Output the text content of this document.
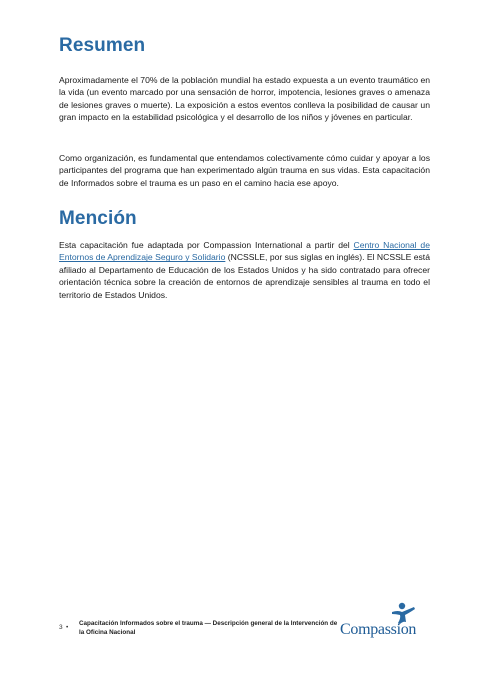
Resumen

Aproximadamente el 70% de la población mundial ha estado expuesta a un evento traumático en la vida (un evento marcado por una sensación de horror, impotencia, lesiones graves o amenaza de lesiones graves o muerte). La exposición a estos eventos conlleva la posibilidad de causar un gran impacto en la estabilidad psicológica y el desarrollo de los niños y jóvenes en particular.

Como organización, es fundamental que entendamos colectivamente cómo cuidar y apoyar a los participantes del programa que han experimentado algún trauma en sus vidas. Esta capacitación de Informados sobre el trauma es un paso en el camino hacia ese apoyo.

Mención

Esta capacitación fue adaptada por Compassion International a partir del Centro Nacional de Entornos de Aprendizaje Seguro y Solidario (NCSSLE, por sus siglas en inglés). El NCSSLE está afiliado al Departamento de Educación de los Estados Unidos y ha sido contratado para ofrecer orientación técnica sobre la creación de entornos de aprendizaje sensibles al trauma en todo el territorio de Estados Unidos.

3 •
Capacitación Informados sobre el trauma — Descripción general de la Intervención de la Oficina Nacional	Compassion
